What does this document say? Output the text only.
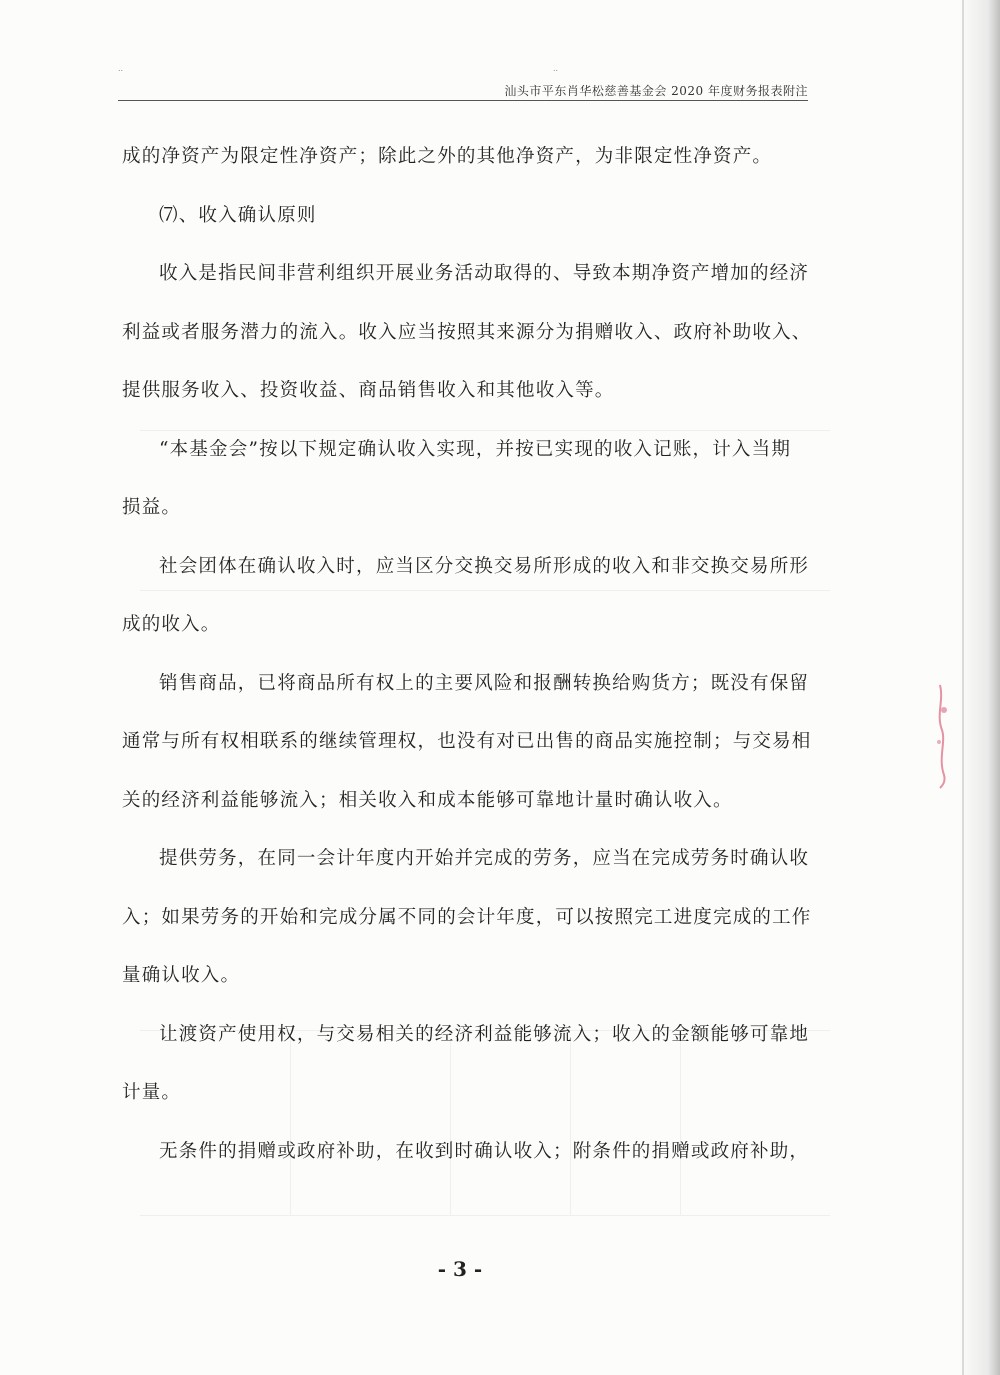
..	..
汕头市平东肖华松慈善基金会 2020 年度财务报表附注
成的净资产为限定性净资产；除此之外的其他净资产，为非限定性净资产。
⑺、收入确认原则
收入是指民间非营利组织开展业务活动取得的、导致本期净资产增加的经济
利益或者服务潜力的流入。收入应当按照其来源分为捐赠收入、政府补助收入、
提供服务收入、投资收益、商品销售收入和其他收入等。
“本基金会”按以下规定确认收入实现，并按已实现的收入记账，计入当期
损益。
社会团体在确认收入时，应当区分交换交易所形成的收入和非交换交易所形
成的收入。
销售商品，已将商品所有权上的主要风险和报酬转换给购货方；既没有保留
通常与所有权相联系的继续管理权，也没有对已出售的商品实施控制；与交易相
关的经济利益能够流入；相关收入和成本能够可靠地计量时确认收入。
提供劳务，在同一会计年度内开始并完成的劳务，应当在完成劳务时确认收
入；如果劳务的开始和完成分属不同的会计年度，可以按照完工进度完成的工作
量确认收入。
让渡资产使用权，与交易相关的经济利益能够流入；收入的金额能够可靠地
计量。
无条件的捐赠或政府补助，在收到时确认收入；附条件的捐赠或政府补助，
- 3 -
